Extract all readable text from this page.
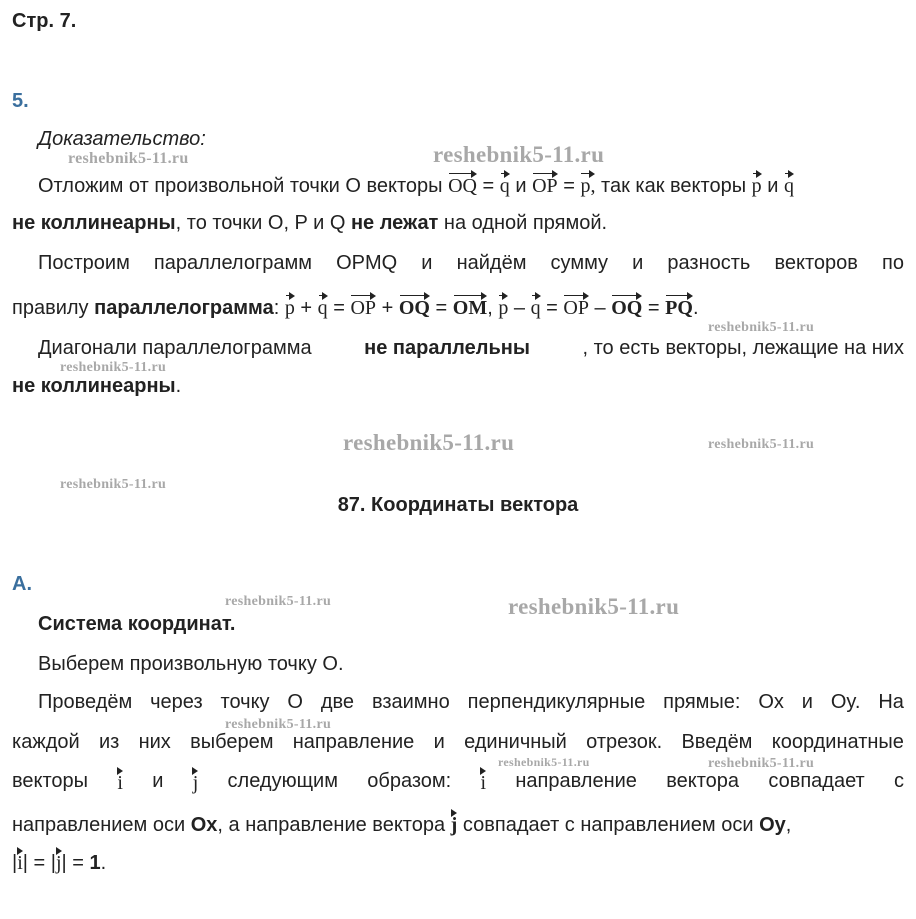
Стр. 7.
5.
Доказательство:
Отложим от произвольной точки O векторы OQ = q и OP = p, так как векторы p и q
не коллинеарны, то точки O, P и Q не лежат на одной прямой.
Построим параллелограмм OPMQ и найдём сумму и разность векторов по
правилу параллелограмма: p + q = OP + OQ = OM, p – q = OP – OQ = PQ.
Диагонали параллелограмма	не параллельны	, то есть векторы, лежащие на них
не коллинеарны.
87. Координаты вектора
А.
Система координат.
Выберем произвольную точку O.
Проведём через точку O две взаимно перпендикулярные прямые: Ox и Oy. На
каждой из них выберем направление и единичный отрезок. Введём координатные
векторы i и j следующим образом: i направление вектора совпадает с
направлением оси Ox, а направление вектора j совпадает с направлением оси Oy,
|i| = |j| = 1.
reshebnik5-11.ru	reshebnik5-11.ru
reshebnik5-11.ru
reshebnik5-11.ru
reshebnik5-11.ru	reshebnik5-11.ru
reshebnik5-11.ru
reshebnik5-11.ru	reshebnik5-11.ru
reshebnik5-11.ru
reshebnik5-11.ru	reshebnik5-11.ru
